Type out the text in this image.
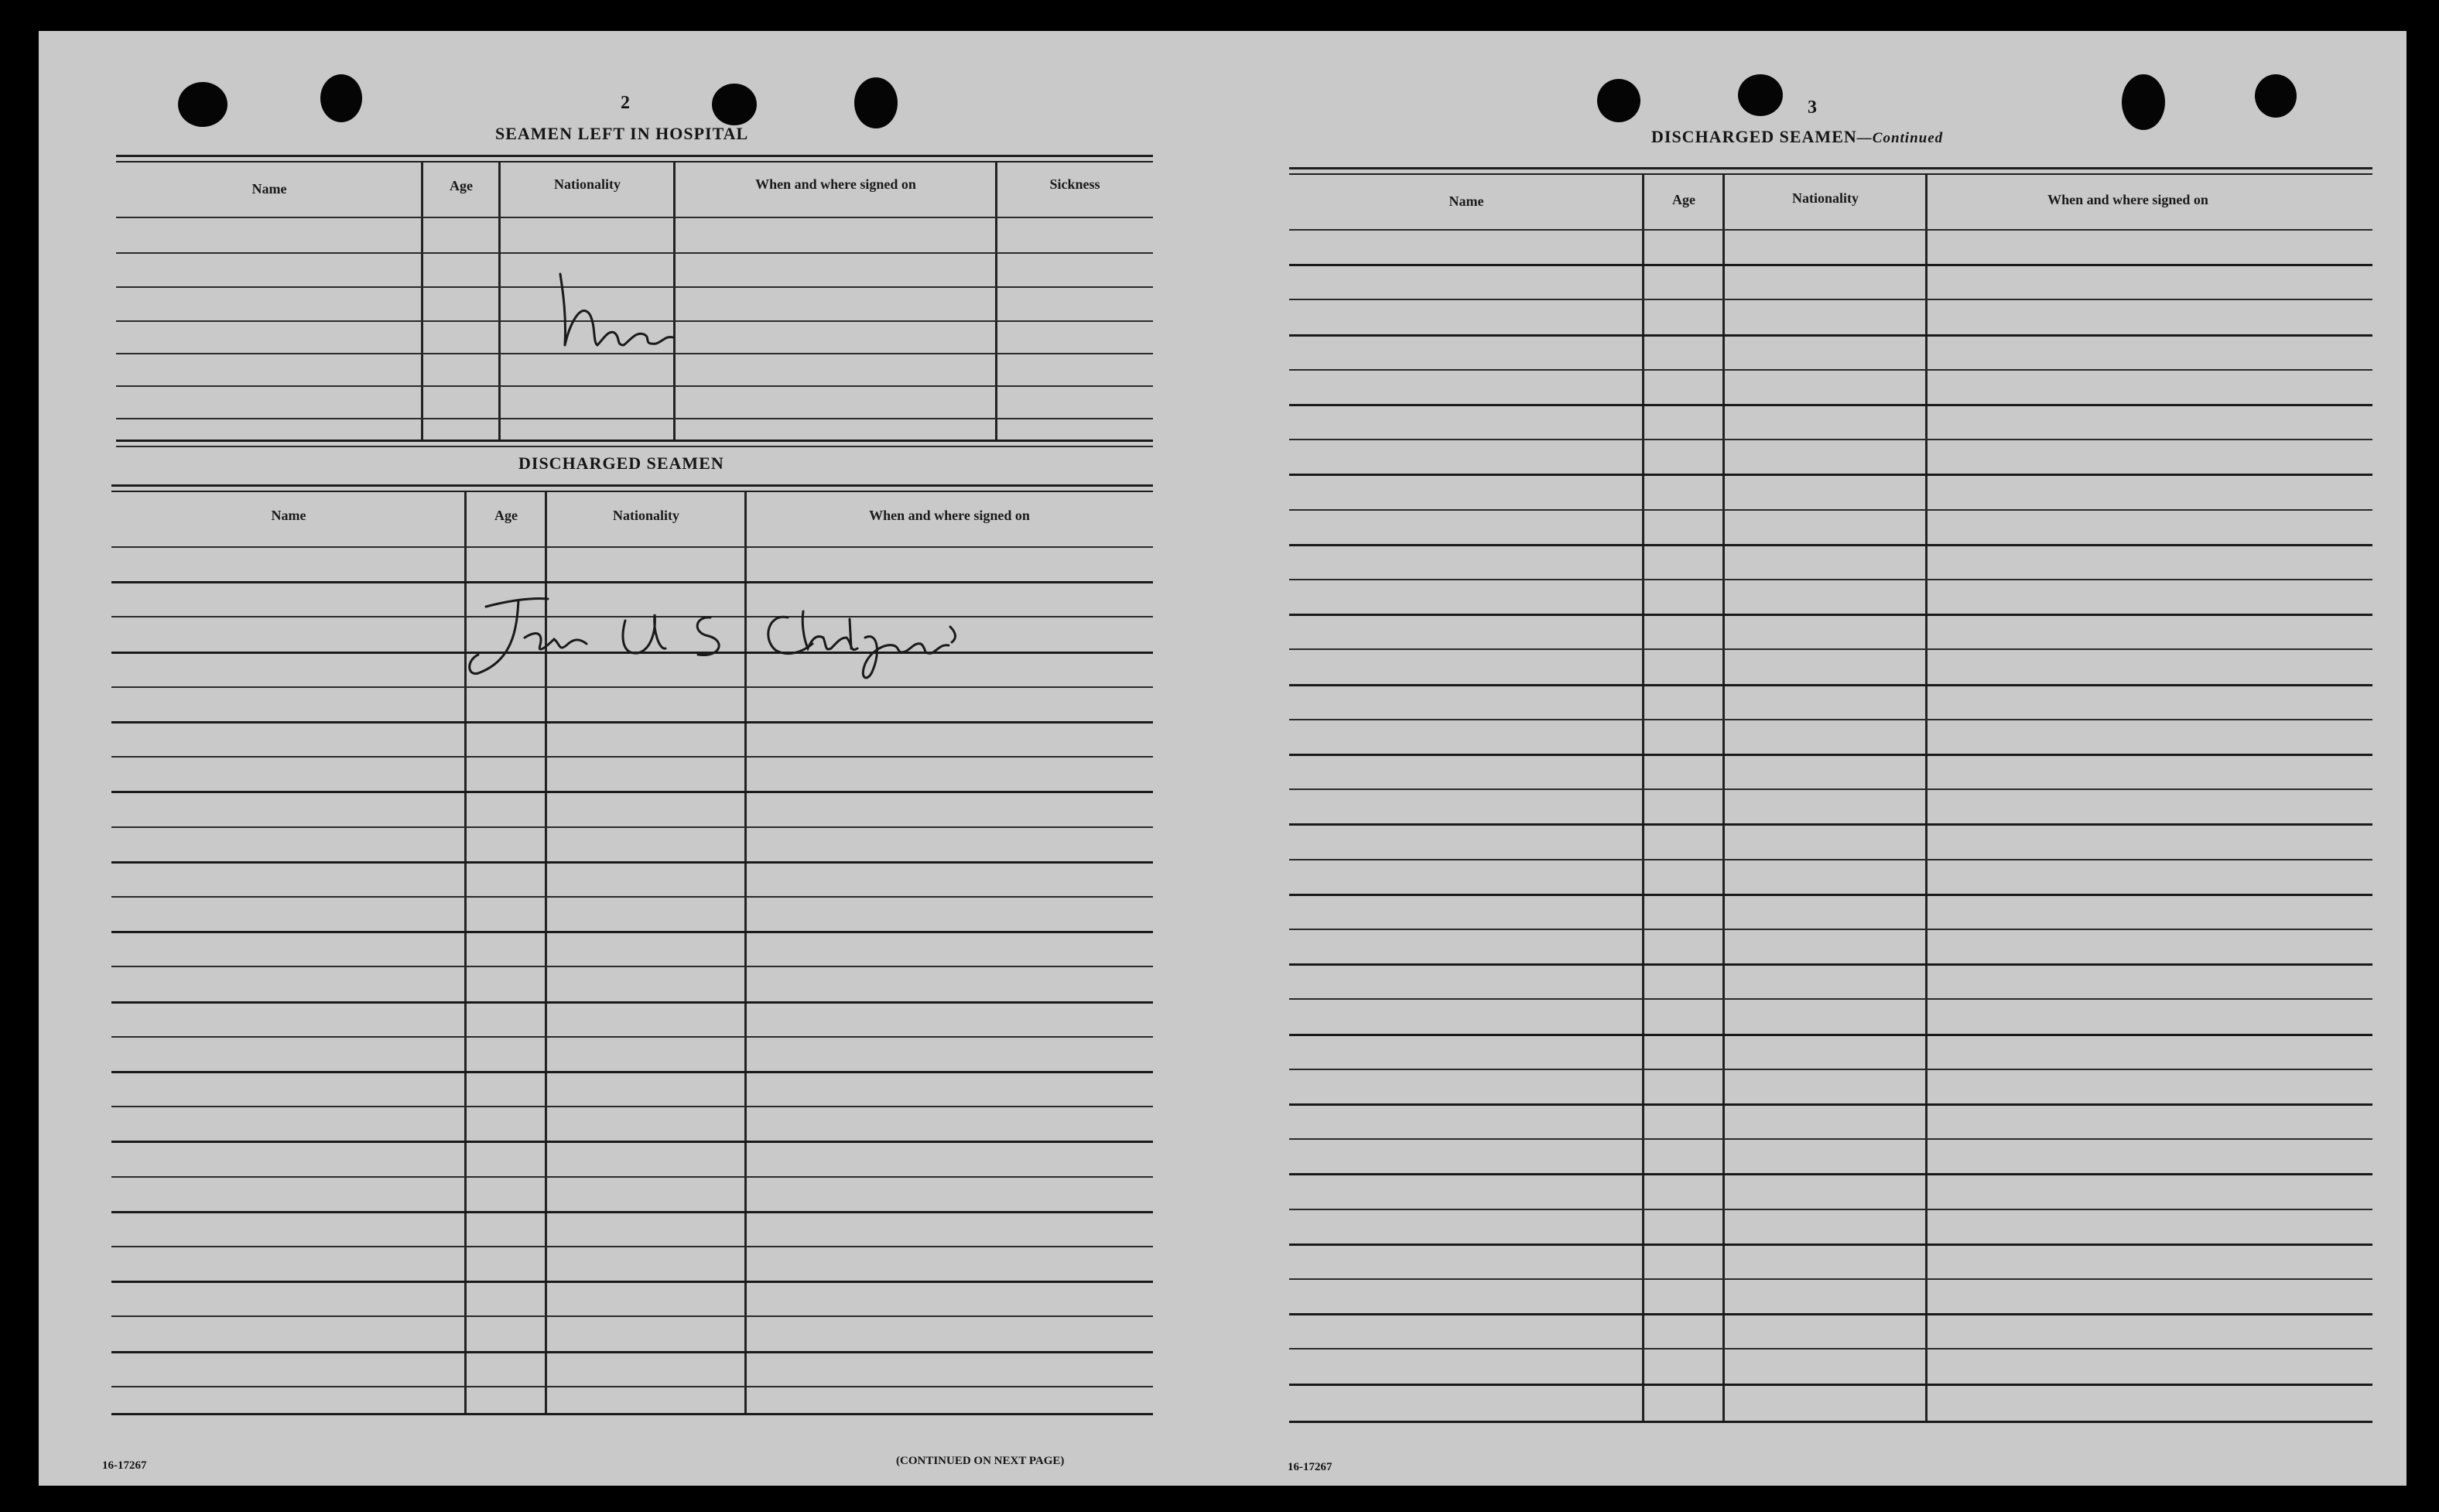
2
SEAMEN LEFT IN HOSPITAL
Name	Age	Nationality	When and where signed on	Sickness
DISCHARGED SEAMEN
Name	Age	Nationality	When and where signed on
16-17267	(CONTINUED ON NEXT PAGE)
3
DISCHARGED SEAMEN—Continued
Name	Age	Nationality	When and where signed on
16-17267
